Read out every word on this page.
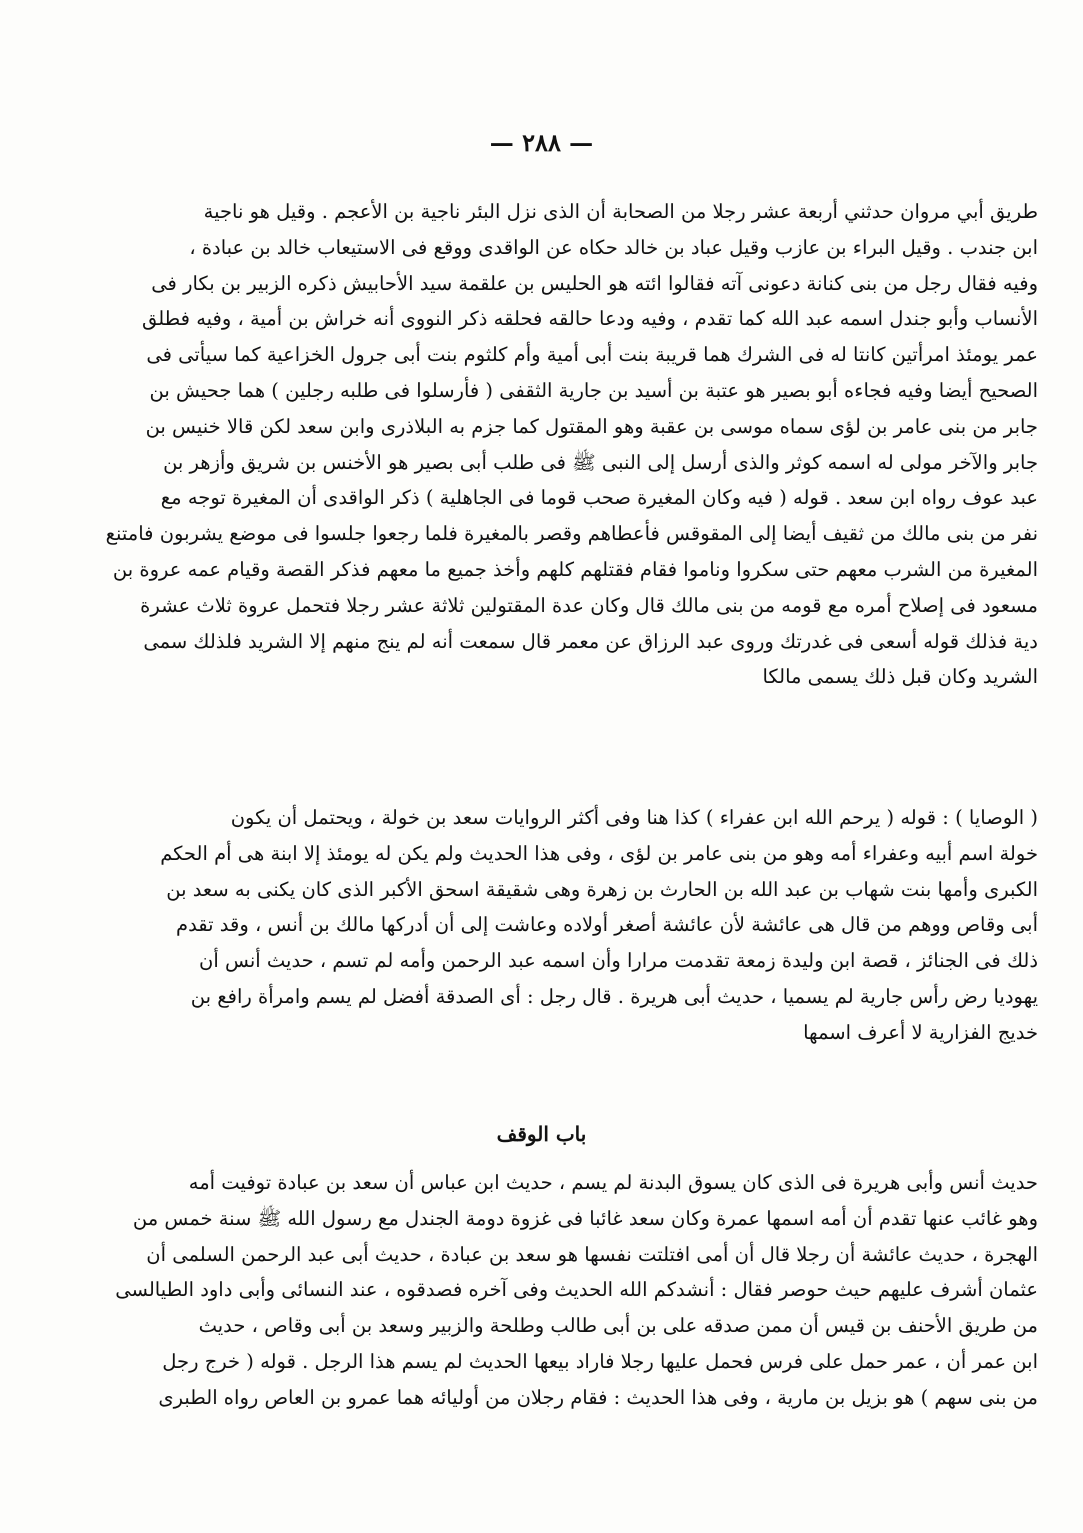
— ٢٨٨ —
طريق أبي مروان حدثني أربعة عشر رجلا من الصحابة أن الذى نزل البئر ناجية بن الأعجم . وقيل هو ناجية
ابن جندب . وقيل البراء بن عازب وقيل عباد بن خالد حكاه عن الواقدى ووقع فى الاستيعاب خالد بن عبادة ،
وفيه فقال رجل من بنى كنانة دعونى آته فقالوا ائته هو الحليس بن علقمة سيد الأحابيش ذكره الزبير بن بكار فى
الأنساب وأبو جندل اسمه عبد الله كما تقدم ، وفيه ودعا حالقه فحلقه ذكر النووى أنه خراش بن أمية ، وفيه فطلق
عمر يومئذ امرأتين كانتا له فى الشرك هما قريبة بنت أبى أمية وأم كلثوم بنت أبى جرول الخزاعية كما سيأتى فى
الصحيح أيضا وفيه فجاءه أبو بصير هو عتبة بن أسيد بن جارية الثقفى ( فأرسلوا فى طلبه رجلين ) هما جحيش بن
جابر من بنى عامر بن لؤى سماه موسى بن عقبة وهو المقتول كما جزم به البلاذرى وابن سعد لكن قالا خنيس بن
جابر والآخر مولى له اسمه كوثر والذى أرسل إلى النبى ﷺ فى طلب أبى بصير هو الأخنس بن شريق وأزهر بن
عبد عوف رواه ابن سعد . قوله ( فيه وكان المغيرة صحب قوما فى الجاهلية ) ذكر الواقدى أن المغيرة توجه مع
نفر من بنى مالك من ثقيف أيضا إلى المقوقس فأعطاهم وقصر بالمغيرة فلما رجعوا جلسوا فى موضع يشربون فامتنع
المغيرة من الشرب معهم حتى سكروا وناموا فقام فقتلهم كلهم وأخذ جميع ما معهم فذكر القصة وقيام عمه عروة بن
مسعود فى إصلاح أمره مع قومه من بنى مالك قال وكان عدة المقتولين ثلاثة عشر رجلا فتحمل عروة ثلاث عشرة
دية فذلك قوله أسعى فى غدرتك وروى عبد الرزاق عن معمر قال سمعت أنه لم ينج منهم إلا الشريد فلذلك سمى
الشريد وكان قبل ذلك يسمى مالكا
( الوصايا ) : قوله ( يرحم الله ابن عفراء ) كذا هنا وفى أكثر الروايات سعد بن خولة ، ويحتمل أن يكون
خولة اسم أبيه وعفراء أمه وهو من بنى عامر بن لؤى ، وفى هذا الحديث ولم يكن له يومئذ إلا ابنة هى أم الحكم
الكبرى وأمها بنت شهاب بن عبد الله بن الحارث بن زهرة وهى شقيقة اسحق الأكبر الذى كان يكنى به سعد بن
أبى وقاص ووهم من قال هى عائشة لأن عائشة أصغر أولاده وعاشت إلى أن أدركها مالك بن أنس ، وقد تقدم
ذلك فى الجنائز ، قصة ابن وليدة زمعة تقدمت مرارا وأن اسمه عبد الرحمن وأمه لم تسم ، حديث أنس أن
يهوديا رض رأس جارية لم يسميا ، حديث أبى هريرة . قال رجل : أى الصدقة أفضل لم يسم وامرأة رافع بن
خديج الفزارية لا أعرف اسمها
باب الوقف
حديث أنس وأبى هريرة فى الذى كان يسوق البدنة لم يسم ، حديث ابن عباس أن سعد بن عبادة توفيت أمه
وهو غائب عنها تقدم أن أمه اسمها عمرة وكان سعد غائبا فى غزوة دومة الجندل مع رسول الله ﷺ سنة خمس من
الهجرة ، حديث عائشة أن رجلا قال أن أمى افتلتت نفسها هو سعد بن عبادة ، حديث أبى عبد الرحمن السلمى أن
عثمان أشرف عليهم حيث حوصر فقال : أنشدكم الله الحديث وفى آخره فصدقوه ، عند النسائى وأبى داود الطيالسى
من طريق الأحنف بن قيس أن ممن صدقه على بن أبى طالب وطلحة والزبير وسعد بن أبى وقاص ، حديث
ابن عمر أن ، عمر حمل على فرس فحمل عليها رجلا فاراد بيعها الحديث لم يسم هذا الرجل . قوله ( خرج رجل
من بنى سهم ) هو بزيل بن مارية ، وفى هذا الحديث : فقام رجلان من أوليائه هما عمرو بن العاص رواه الطبرى
